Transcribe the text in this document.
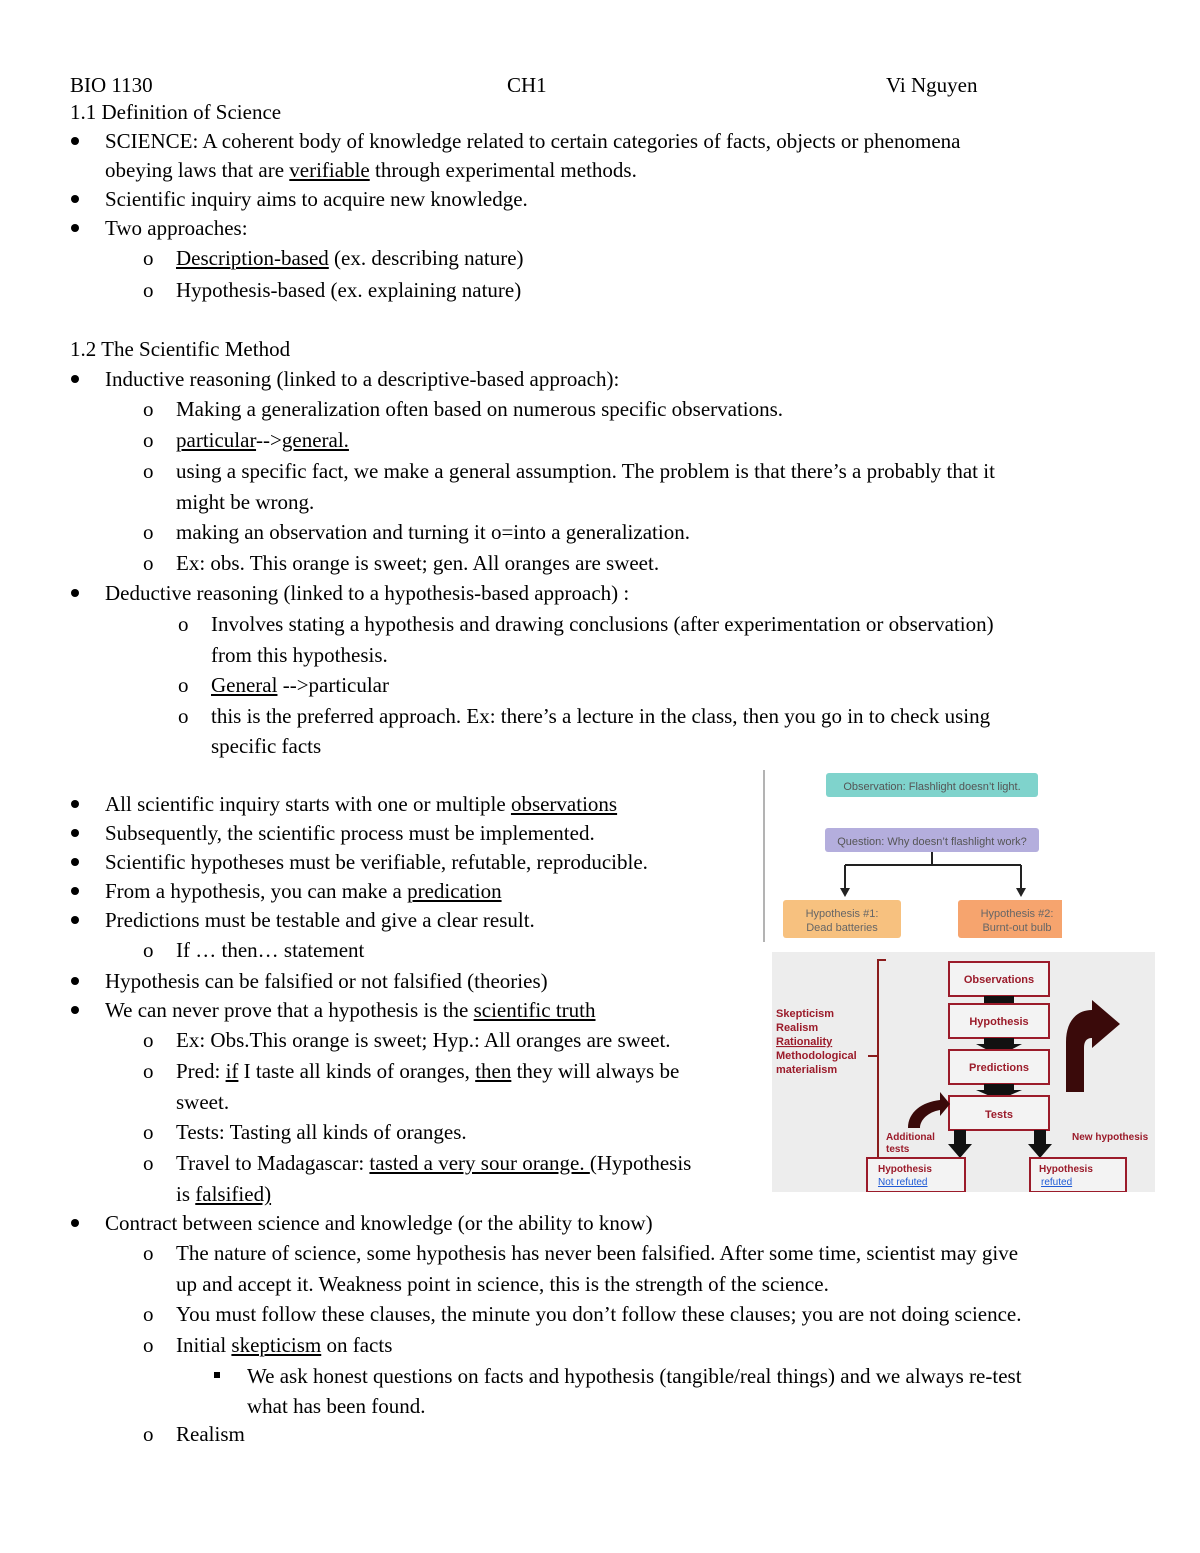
BIO 1130	CH1	Vi Nguyen
1.1 Definition of Science
SCIENCE: A coherent body of knowledge related to certain categories of facts, objects or phenomena
obeying laws that are verifiable through experimental methods.
Scientific inquiry aims to acquire new knowledge.
Two approaches:
o Description-based (ex. describing nature)
o Hypothesis-based (ex. explaining nature)
1.2 The Scientific Method
Inductive reasoning (linked to a descriptive-based approach):
o Making a generalization often based on numerous specific observations.
o particular-->general.
o using a specific fact, we make a general assumption. The problem is that there’s a probably that it
might be wrong.
o making an observation and turning it o=into a generalization.
o Ex: obs. This orange is sweet; gen. All oranges are sweet.
Deductive reasoning (linked to a hypothesis-based approach) :
o Involves stating a hypothesis and drawing conclusions (after experimentation or observation)
from this hypothesis.
o General -->particular
o this is the preferred approach. Ex: there’s a lecture in the class, then you go in to check using
specific facts
All scientific inquiry starts with one or multiple observations
Subsequently, the scientific process must be implemented.
Scientific hypotheses must be verifiable, refutable, reproducible.
From a hypothesis, you can make a predication
Predictions must be testable and give a clear result.
o If … then… statement
Hypothesis can be falsified or not falsified (theories)
We can never prove that a hypothesis is the scientific truth
o Ex: Obs.This orange is sweet; Hyp.: All oranges are sweet.
o Pred: if I taste all kinds of oranges, then they will always be
sweet.
o Tests: Tasting all kinds of oranges.
o Travel to Madagascar: tasted a very sour orange. (Hypothesis
is falsified)
Contract between science and knowledge (or the ability to know)
o The nature of science, some hypothesis has never been falsified. After some time, scientist may give
up and accept it. Weakness point in science, this is the strength of the science.
o You must follow these clauses, the minute you don’t follow these clauses; you are not doing science.
o Initial skepticism on facts
We ask honest questions on facts and hypothesis (tangible/real things) and we always re-test
what has been found.
o Realism
Observation: Flashlight doesn’t light.
Question: Why doesn’t flashlight work?
Hypothesis #1:
Dead batteries
Hypothesis #2:
Burnt-out bulb
Skepticism
Realism
Rationality
Methodological
materialism
Observations
Hypothesis
Predictions
Tests
Additional
tests
New hypothesis
Hypothesis
Not refuted
Hypothesis
refuted
